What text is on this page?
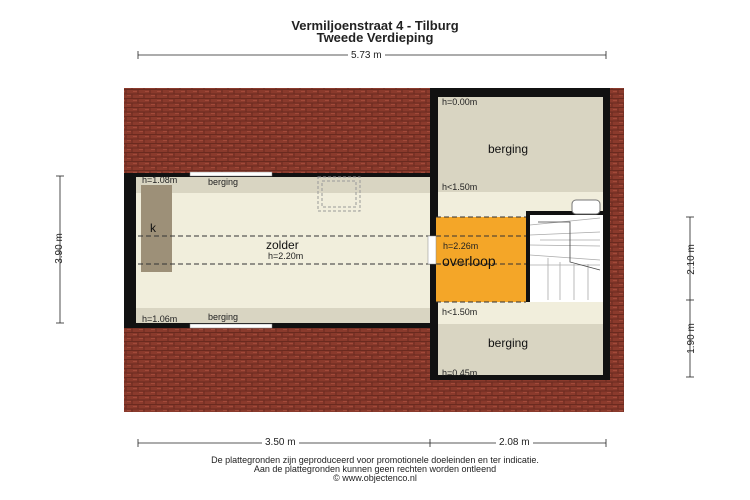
Vermiljoenstraat 4 - Tilburg
Tweede Verdieping
5.73 m
3.90 m	2.10 m
1.90 m
3.50 m	2.08 m
zolder
h=2.20m
k
berging
berging
berging
berging
h=2.26m
overloop
h=0.00m
h<1.50m
h<1.50m
h=0.45m
h=1.08m
h=1.06m
De plattegronden zijn geproduceerd voor promotionele doeleinden en ter indicatie.
Aan de plattegronden kunnen geen rechten worden ontleend
© www.objectenco.nl
